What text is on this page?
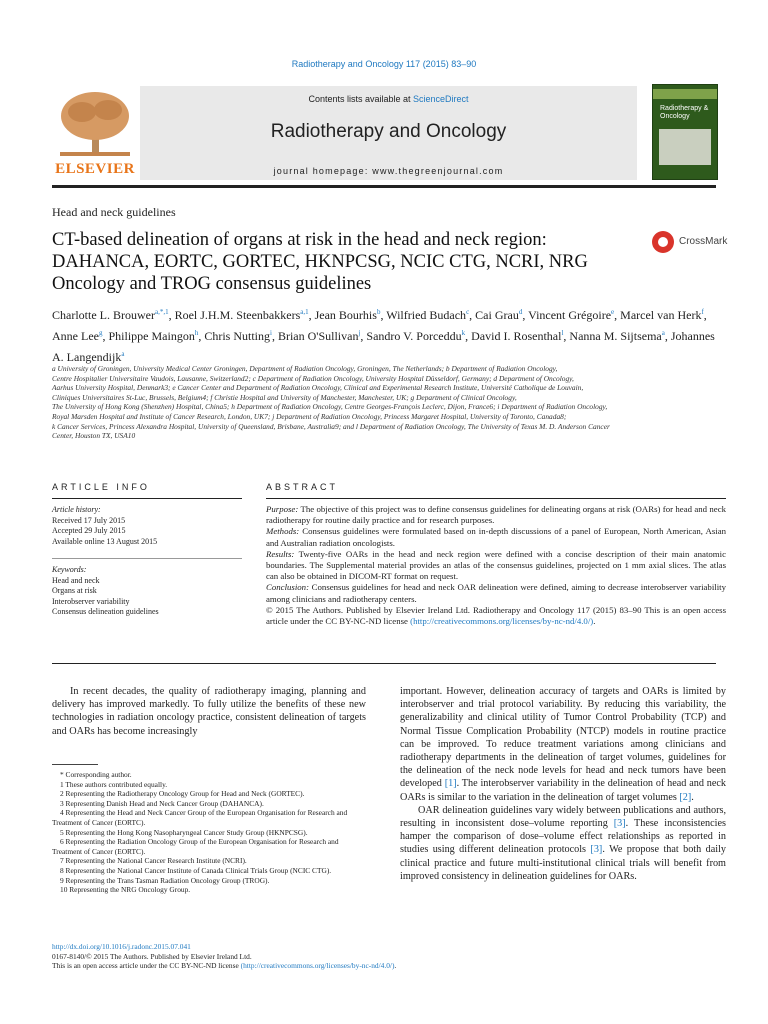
Radiotherapy and Oncology 117 (2015) 83–90
ELSEVIER
Contents lists available at ScienceDirect
Radiotherapy and Oncology
journal homepage: www.thegreenjournal.com
Radiotherapy & Oncology
Head and neck guidelines
CT-based delineation of organs at risk in the head and neck region: DAHANCA, EORTC, GORTEC, HKNPCSG, NCIC CTG, NCRI, NRG Oncology and TROG consensus guidelines
CrossMark
Charlotte L. Brouwer$^{a,*,1}$, Roel J.H.M. Steenbakkers$^{a,1}$, Jean Bourhis$^b$, Wilfried Budach$^c$, Cai Grau$^d$, Vincent Grégoire$^e$, Marcel van Herk$^f$, Anne Lee$^g$, Philippe Maingon$^h$, Chris Nutting$^i$, Brian O'Sullivan$^j$, Sandro V. Porceddu$^k$, David I. Rosenthal$^l$, Nanna M. Sijtsema$^a$, Johannes A. Langendijk$^a$
a University of Groningen, University Medical Center Groningen, Department of Radiation Oncology, Groningen, The Netherlands; b Department of Radiation Oncology,
Centre Hospitalier Universitaire Vaudois, Lausanne, Switzerland2; c Department of Radiation Oncology, University Hospital Düsseldorf, Germany; d Department of Oncology,
Aarhus University Hospital, Denmark3; e Cancer Center and Department of Radiation Oncology, Clinical and Experimental Research Institute, Université Catholique de Louvain,
Cliniques Universitaires St-Luc, Brussels, Belgium4; f Christie Hospital and University of Manchester, Manchester, UK; g Department of Clinical Oncology,
The University of Hong Kong (Shenzhen) Hospital, China5; h Department of Radiation Oncology, Centre Georges-François Leclerc, Dijon, France6; i Department of Radiation Oncology,
Royal Marsden Hospital and Institute of Cancer Research, London, UK7; j Department of Radiation Oncology, Princess Margaret Hospital, University of Toronto, Canada8;
k Cancer Services, Princess Alexandra Hospital, University of Queensland, Brisbane, Australia9; and l Department of Radiation Oncology, The University of Texas M. D. Anderson Cancer
Center, Houston TX, USA10
ARTICLE INFO
Article history:
Received 17 July 2015
Accepted 29 July 2015
Available online 13 August 2015
Keywords:
Head and neck
Organs at risk
Interobserver variability
Consensus delineation guidelines
ABSTRACT
Purpose: The objective of this project was to define consensus guidelines for delineating organs at risk (OARs) for head and neck radiotherapy for routine daily practice and for research purposes.
Methods: Consensus guidelines were formulated based on in-depth discussions of a panel of European, North American, Asian and Australian radiation oncologists.
Results: Twenty-five OARs in the head and neck region were defined with a concise description of their main anatomic boundaries. The Supplemental material provides an atlas of the consensus guidelines, projected on 1 mm axial slices. The atlas can also be obtained in DICOM-RT format on request.
Conclusion: Consensus guidelines for head and neck OAR delineation were defined, aiming to decrease interobserver variability among clinicians and radiotherapy centers.
© 2015 The Authors. Published by Elsevier Ireland Ltd. Radiotherapy and Oncology 117 (2015) 83–90 This is an open access article under the CC BY-NC-ND license (http://creativecommons.org/licenses/by-nc-nd/4.0/).

In recent decades, the quality of radiotherapy imaging, planning and delivery has improved markedly. To fully utilize the benefits of these new technologies in radiation oncology practice, consistent delineation of targets and OARs has become increasingly

* Corresponding author.
1 These authors contributed equally.
2 Representing the Radiotherapy Oncology Group for Head and Neck (GORTEC).
3 Representing Danish Head and Neck Cancer Group (DAHANCA).
4 Representing the Head and Neck Cancer Group of the European Organisation for Research and Treatment of Cancer (EORTC).
5 Representing the Hong Kong Nasopharyngeal Cancer Study Group (HKNPCSG).
6 Representing the Radiation Oncology Group of the European Organisation for Research and Treatment of Cancer (EORTC).
7 Representing the National Cancer Research Institute (NCRI).
8 Representing the National Cancer Institute of Canada Clinical Trials Group (NCIC CTG).
9 Representing the Trans Tasman Radiation Oncology Group (TROG).
10 Representing the NRG Oncology Group.

important. However, delineation accuracy of targets and OARs is limited by interobserver and trial protocol variability. By reducing this variability, the generalizability and clinical utility of Tumor Control Probability (TCP) and Normal Tissue Complication Probability (NTCP) models in routine practice can be improved. To reduce treatment variations among clinicians and radiotherapy departments in the delineation of target volumes, guidelines for the delineation of the neck node levels for head and neck tumors have been developed [1]. The interobserver variability in the delineation of head and neck OARs is similar to the variation in the delineation of target volumes [2].

OAR delineation guidelines vary widely between publications and authors, resulting in inconsistent dose–volume reporting [3]. These inconsistencies hamper the comparison of dose–volume effect relationships as reported in studies using different delineation protocols [3]. We propose that both daily clinical practice and future multi-institutional clinical trials will benefit from improved consistency in delineation guidelines for OARs.

http://dx.doi.org/10.1016/j.radonc.2015.07.041
0167-8140/© 2015 The Authors. Published by Elsevier Ireland Ltd.
This is an open access article under the CC BY-NC-ND license (http://creativecommons.org/licenses/by-nc-nd/4.0/).
